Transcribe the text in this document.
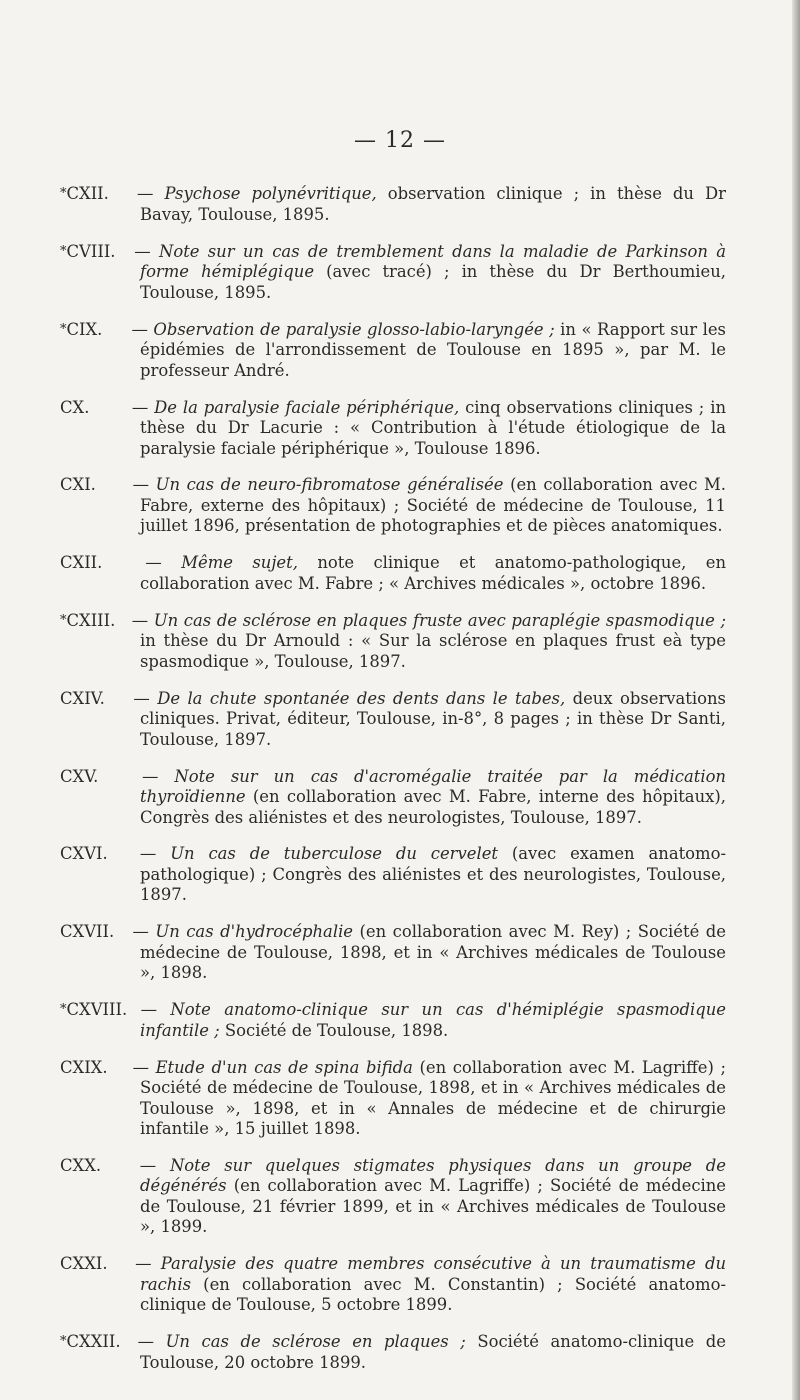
— 12 —

*CXII. — Psychose polynévritique, observation clinique ; in thèse du Dr Bavay, Toulouse, 1895.

*CVIII. — Note sur un cas de tremblement dans la maladie de Parkinson à forme hémiplégique (avec tracé) ; in thèse du Dr Berthoumieu, Toulouse, 1895.

*CIX. — Observation de paralysie glosso-labio-laryngée ; in « Rapport sur les épidémies de l'arrondissement de Toulouse en 1895 », par M. le professeur André.

CX.	— De la paralysie faciale périphérique, cinq observations cliniques ; in thèse du Dr Lacurie : « Contribution à l'étude étiologique de la paralysie faciale périphérique », Toulouse 1896.

CXI. — Un cas de neuro-fibromatose généralisée (en collaboration avec M. Fabre, externe des hôpitaux) ; Société de médecine de Toulouse, 11 juillet 1896, présentation de photographies et de pièces anatomiques.

CXII.	— Même sujet, note clinique et anatomo-pathologique, en collaboration avec M. Fabre ; « Archives médicales », octobre 1896.

*CXIII. — Un cas de sclérose en plaques fruste avec paraplégie spasmodique ; in thèse du Dr Arnould : « Sur la sclérose en plaques frust eà type spasmodique », Toulouse, 1897.

CXIV. — De la chute spontanée des dents dans le tabes, deux observations cliniques. Privat, éditeur, Toulouse, in-8°, 8 pages ; in thèse Dr Santi, Toulouse, 1897.

CXV.	— Note sur un cas d'acromégalie traitée par la médication thyroïdienne (en collaboration avec M. Fabre, interne des hôpitaux), Congrès des aliénistes et des neurologistes, Toulouse, 1897.

CXVI. — Un cas de tuberculose du cervelet (avec examen anatomo-pathologique) ; Congrès des aliénistes et des neurologistes, Toulouse, 1897.

CXVII. — Un cas d'hydrocéphalie (en collaboration avec M. Rey) ; Société de médecine de Toulouse, 1898, et in « Archives médicales de Toulouse », 1898.

*CXVIII. — Note anatomo-clinique sur un cas d'hémiplégie spasmodique infantile ; Société de Toulouse, 1898.

CXIX. — Etude d'un cas de spina bifida (en collaboration avec M. Lagriffe) ; Société de médecine de Toulouse, 1898, et in « Archives médicales de Toulouse », 1898, et in « Annales de médecine et de chirurgie infantile », 15 juillet 1898.

CXX. — Note sur quelques stigmates physiques dans un groupe de dégénérés (en collaboration avec M. Lagriffe) ; Société de médecine de Toulouse, 21 février 1899, et in « Archives médicales de Toulouse », 1899.

CXXI. — Paralysie des quatre membres consécutive à un traumatisme du rachis (en collaboration avec M. Constantin) ; Société anatomo-clinique de Toulouse, 5 octobre 1899.

*CXXII. — Un cas de sclérose en plaques ; Société anatomo-clinique de Toulouse, 20 octobre 1899.
